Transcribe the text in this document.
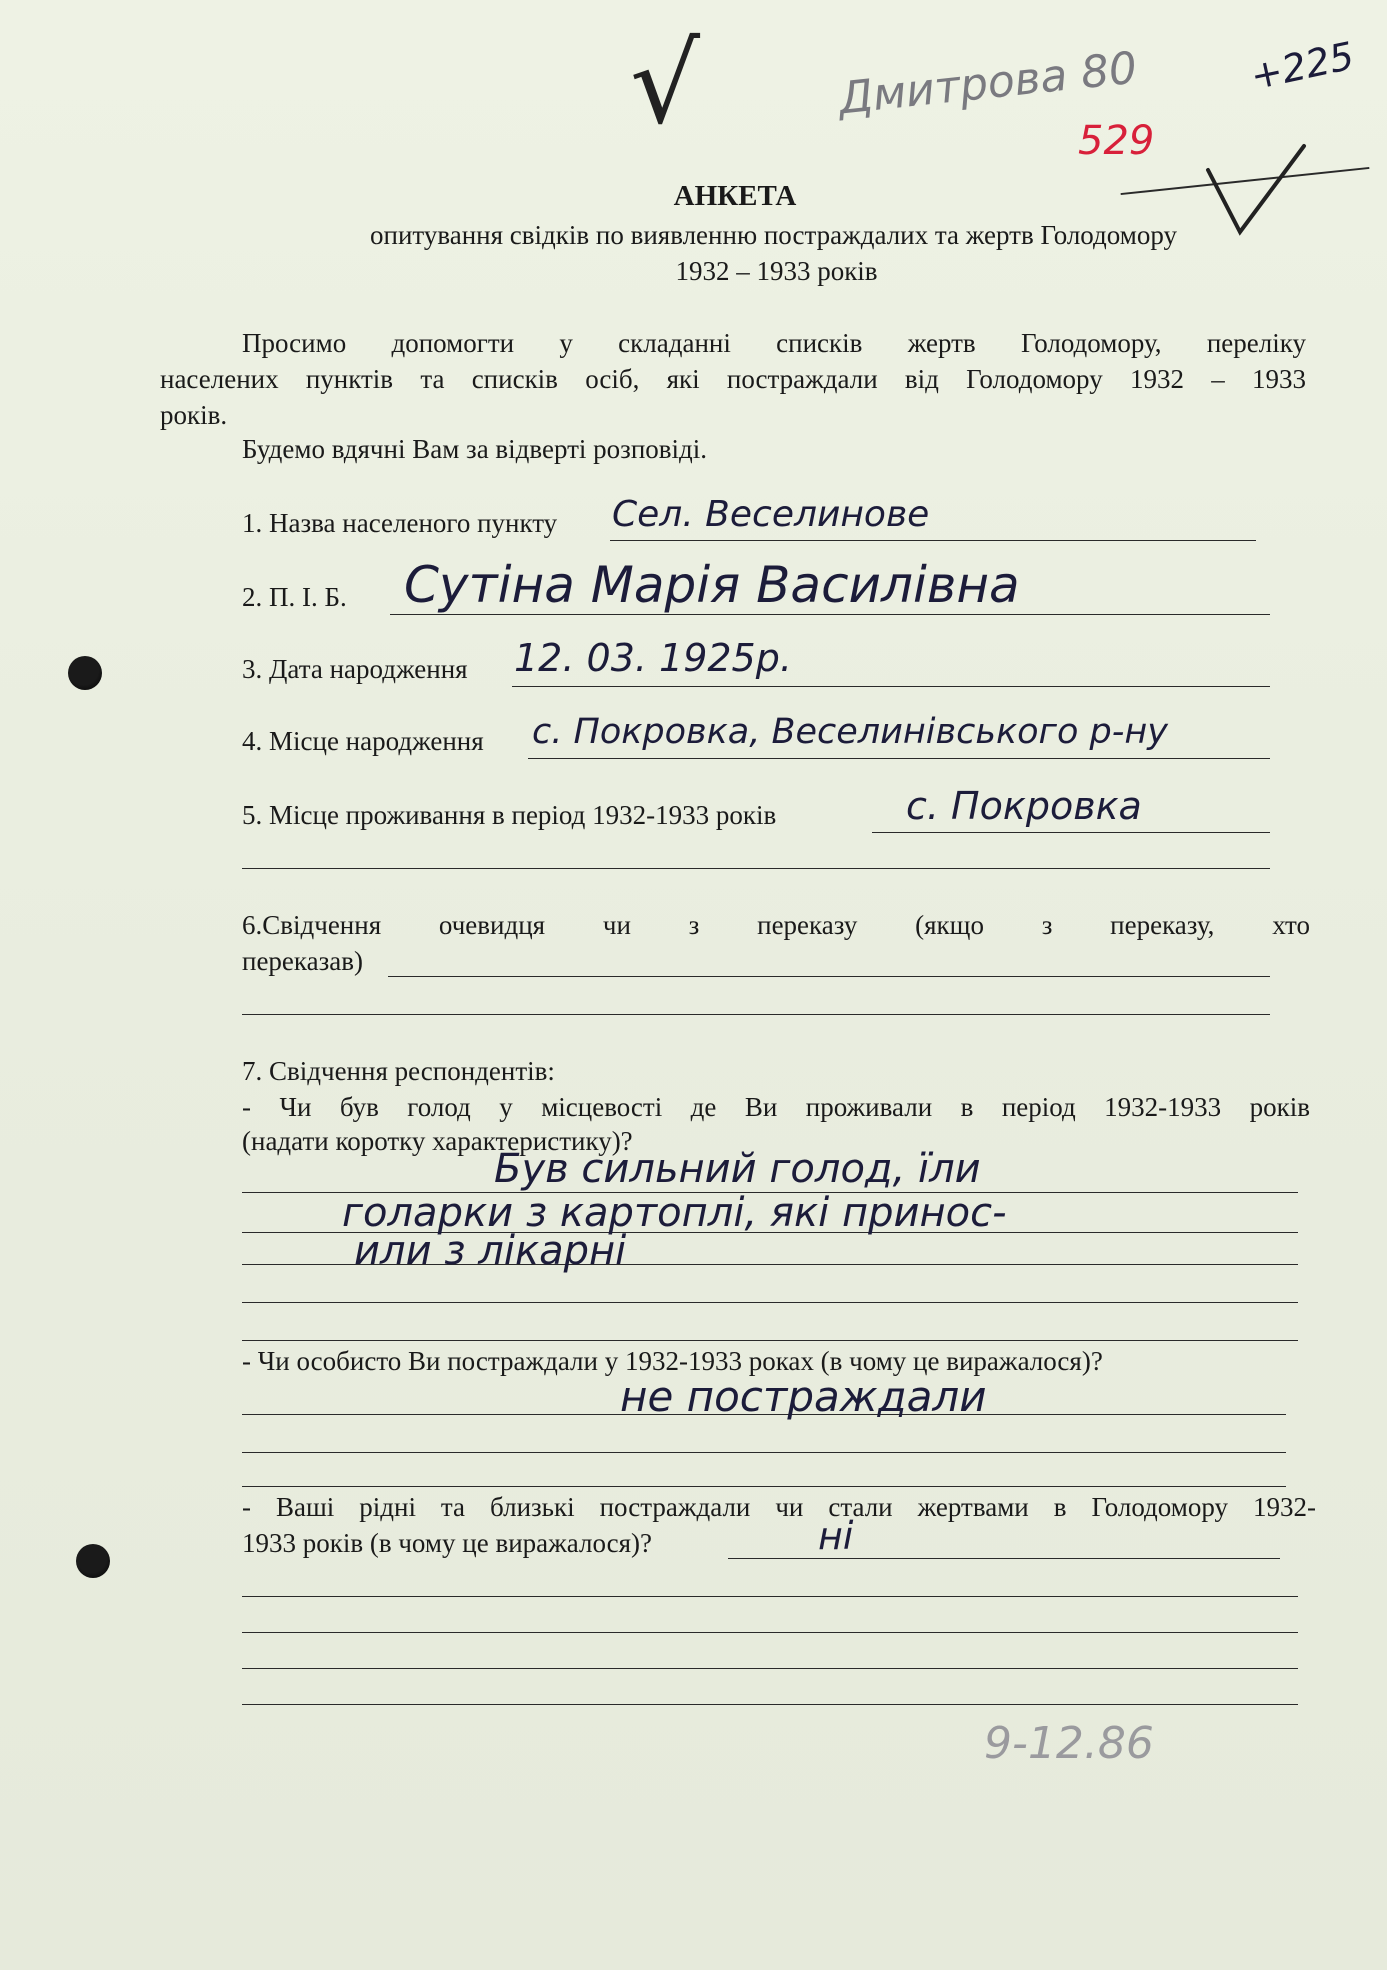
√	Дмитрова 80	+225
529
АНКЕТА
опитування свідків по виявленню постраждалих та жертв Голодомору
1932 – 1933 років
Просимо допомогти у складанні списків жертв Голодомору, переліку
населених пунктів та списків осіб, які постраждали від Голодомору 1932 – 1933
років.
Будемо вдячні Вам за відверті розповіді.
1. Назва населеного пункту Сел. Веселинове
2. П. І. Б. Сутіна Марія Василівна
3. Дата народження 12. 03. 1925р.
4. Місце народження с. Покровка, Веселинівського р-ну
5. Місце проживання в період 1932-1933 років	с. Покровка
6.Свідчення очевидця чи з переказу (якщо з переказу, хто
переказав)
7. Свідчення респондентів:
- Чи був голод у місцевості де Ви проживали в період 1932-1933 років
(надати коротку характеристику)?
Був сильний голод, їли
голарки з картоплі, які принос-
или з лікарні
- Чи особисто Ви постраждали у 1932-1933 роках (в чому це виражалося)?
не постраждали
- Ваші рідні та близькі постраждали чи стали жертвами в Голодомору 1932-
1933 років (в чому це виражалося)?	ні
9-12.86
